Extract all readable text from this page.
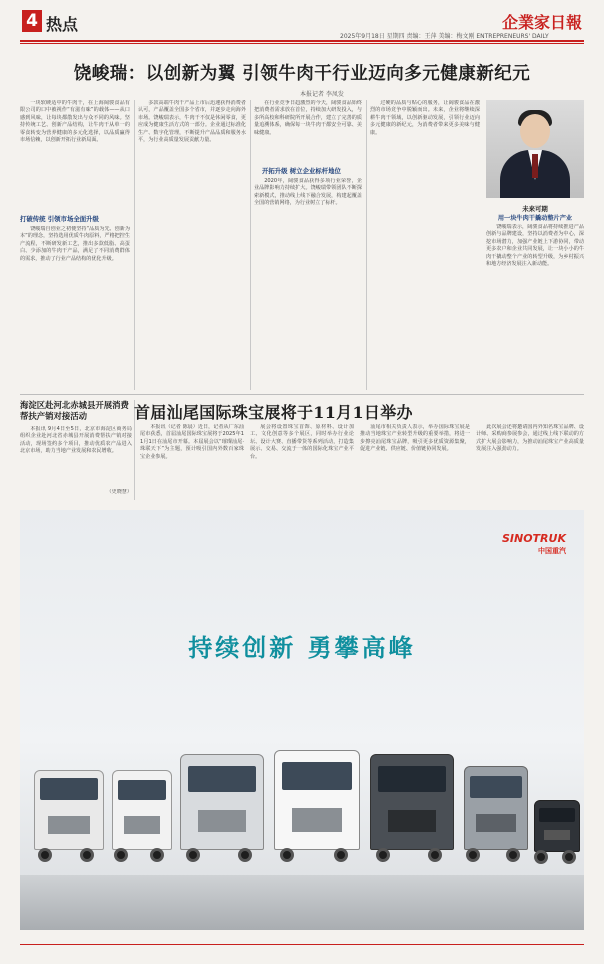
4 热点	企業家日報
2025年9月18日 星期四 责编：王萍 美编：梅文刚 ENTREPRENEURS' DAILY
饶峻瑞：以创新为翼 引领牛肉干行业迈向多元健康新纪元
本报记者 李凤发

一块软硬适中的牛肉干，在上海阔骏食品有限公司的口中被视作“有滋有味”的载体——从口感到风味，让每块都散发出与众不同的风味。坚持传统工艺、创新产品结构，让牛肉干从单一的零食转变为营养健康的多元化选择，以品质赢得市场信赖，以创新开拓行业新局面。

打破传统 引领市场全面升级

饶峻瑞自创业之初便坚持“品质为先、创新为本”的理念，坚持选用优质牛肉原料，严格把控生产流程，不断研发新工艺，推出多款低脂、高蛋白、少添加的牛肉干产品，满足了不同消费群体的需求，推动了行业产品结构的优化升级。

多款高端牛肉干产品上市后迅速获得消费者认可，产品覆盖全国多个省市，并逐步走向海外市场。饶峻瑞表示，牛肉干不仅是休闲零食，更应成为健康生活方式的一部分。企业通过标准化生产、数字化管理，不断提升产品品质和服务水平，为行业高质量发展贡献力量。

在行业竞争日趋激烈的今天，阔骏食品始终把消费者需求放在首位，持续加大研发投入，与多所高校和科研院所开展合作，建立了完善的质量追溯体系，确保每一块牛肉干都安全可靠、美味健康。

开拓升级 树立企业标杆地位

2020年，阔骏食品获得多项行业荣誉，企业品牌影响力持续扩大。饶峻瑞带领团队不断探索新模式，推动线上线下融合发展，构建起覆盖全国的营销网络，为行业树立了标杆。

过硬的品质与贴心的服务，让阔骏食品在激烈的市场竞争中脱颖而出。未来，企业将继续深耕牛肉干领域，以创新驱动发展，引领行业迈向多元健康的新纪元，为消费者带来更多美味与健康。

未来可期
用一块牛肉干撬动整片产业

饶峻瑞表示，阔骏食品将持续推进产品创新与品牌建设，坚持以消费者为中心，深挖市场潜力，加强产业链上下游协同，带动更多农户和企业共同发展，让一块小小的牛肉干撬动整个产业的转型升级，为乡村振兴和地方经济发展注入新动能。

海淀区赴河北赤城县开展消费帮扶产销对接活动

本报讯 9月4日至5日，北京市海淀区商务局组织企业赴河北省赤城县开展消费帮扶产销对接活动，现场签约多个项目，推动优质农产品进入北京市场，助力当地产业发展和农民增收。

（史晓慧）
首届汕尾国际珠宝展将于11月1日举办

本报讯（记者 陈晨）近日，记者从广东汕尾市获悉，首届汕尾国际珠宝展将于2025年11月1日在汕尾市开幕。本届展会以“璀璨汕尾·珠联天下”为主题，预计吸引国内外数百家珠宝企业参展。

展会将设置珠宝首饰、原材料、设计加工、文化创意等多个展区，同时举办行业论坛、设计大赛、直播带货等系列活动，打造集展示、交易、交流于一体的国际化珠宝产业平台。

汕尾市相关负责人表示，举办国际珠宝展是推动当地珠宝产业转型升级的重要举措，将进一步擦亮汕尾珠宝品牌，吸引更多优质资源集聚，促进产业链、供应链、价值链协同发展。

此次展会还将邀请国内外知名珠宝品牌、设计师、采购商参展参会，通过线上线下联动的方式扩大展会影响力，为推动汕尾珠宝产业高质量发展注入强劲动力。

SINOTRUK
中国重汽
持续创新 勇攀高峰
